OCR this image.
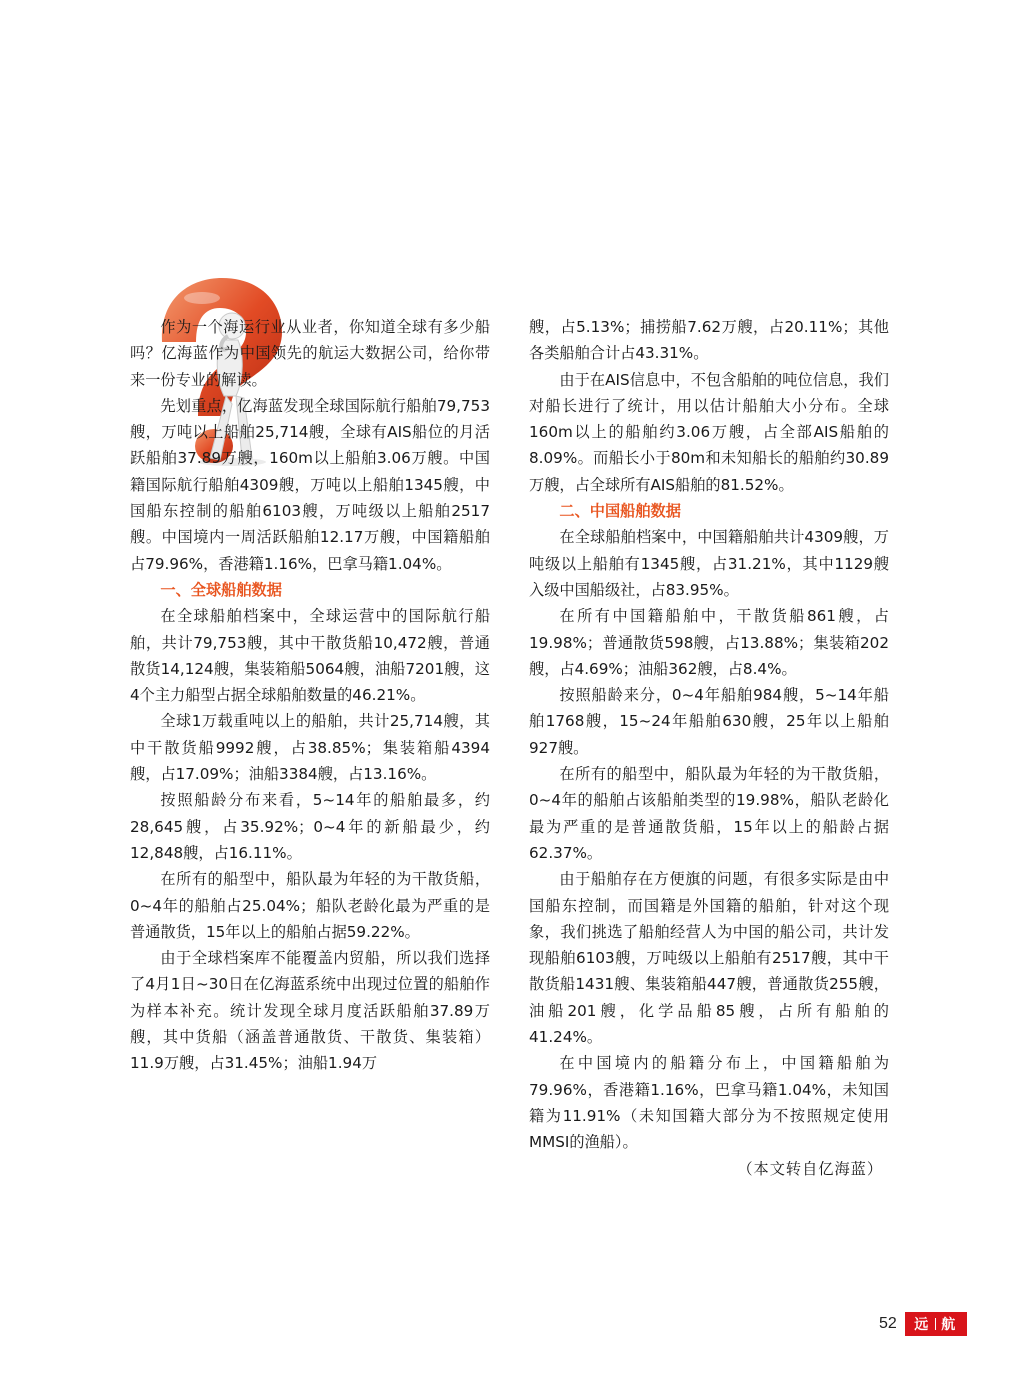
作为一个海运行业从业者，你知道全球有多少船吗？亿海蓝作为中国领先的航运大数据公司，给你带来一份专业的解读。

先划重点，亿海蓝发现全球国际航行船舶79,753艘，万吨以上船舶25,714艘，全球有AIS船位的月活跃船舶37.89万艘，160m以上船舶3.06万艘。中国籍国际航行船舶4309艘，万吨以上船舶1345艘，中国船东控制的船舶6103艘，万吨级以上船舶2517艘。中国境内一周活跃船舶12.17万艘，中国籍船舶占79.96%，香港籍1.16%，巴拿马籍1.04%。

一、全球船舶数据

在全球船舶档案中，全球运营中的国际航行船舶，共计79,753艘，其中干散货船10,472艘，普通散货14,124艘，集装箱船5064艘，油船7201艘，这4个主力船型占据全球船舶数量的46.21%。

全球1万载重吨以上的船舶，共计25,714艘，其中干散货船9992艘，占38.85%；集装箱船4394艘，占17.09%；油船3384艘，占13.16%。

按照船龄分布来看，5~14年的船舶最多，约28,645艘，占35.92%；0~4年的新船最少，约12,848艘，占16.11%。

在所有的船型中，船队最为年轻的为干散货船，0~4年的船舶占25.04%；船队老龄化最为严重的是普通散货，15年以上的船舶占据59.22%。

由于全球档案库不能覆盖内贸船，所以我们选择了4月1日~30日在亿海蓝系统中出现过位置的船舶作为样本补充。统计发现全球月度活跃船舶37.89万艘，其中货船（涵盖普通散货、干散货、集装箱）11.9万艘，占31.45%；油船1.94万

艘，占5.13%；捕捞船7.62万艘，占20.11%；其他各类船舶合计占43.31%。

由于在AIS信息中，不包含船舶的吨位信息，我们对船长进行了统计，用以估计船舶大小分布。全球160m以上的船舶约3.06万艘，占全部AIS船舶的8.09%。而船长小于80m和未知船长的船舶约30.89万艘，占全球所有AIS船舶的81.52%。

二、中国船舶数据

在全球船舶档案中，中国籍船舶共计4309艘，万吨级以上船舶有1345艘，占31.21%，其中1129艘入级中国船级社，占83.95%。

在所有中国籍船舶中，干散货船861艘，占19.98%；普通散货598艘，占13.88%；集装箱202艘，占4.69%；油船362艘，占8.4%。

按照船龄来分，0~4年船舶984艘，5~14年船舶1768艘，15~24年船舶630艘，25年以上船舶927艘。

在所有的船型中，船队最为年轻的为干散货船，0~4年的船舶占该船舶类型的19.98%，船队老龄化最为严重的是普通散货船，15年以上的船龄占据62.37%。

由于船舶存在方便旗的问题，有很多实际是由中国船东控制，而国籍是外国籍的船舶，针对这个现象，我们挑选了船舶经营人为中国的船公司，共计发现船舶6103艘，万吨级以上船舶有2517艘，其中干散货船1431艘、集装箱船447艘，普通散货255艘，油船201艘，化学品船85艘，占所有船舶的41.24%。

在中国境内的船籍分布上，中国籍船舶为79.96%，香港籍1.16%，巴拿马籍1.04%，未知国籍为11.91%（未知国籍大部分为不按照规定使用MMSI的渔船）。

（本文转自亿海蓝）

52 远 航
